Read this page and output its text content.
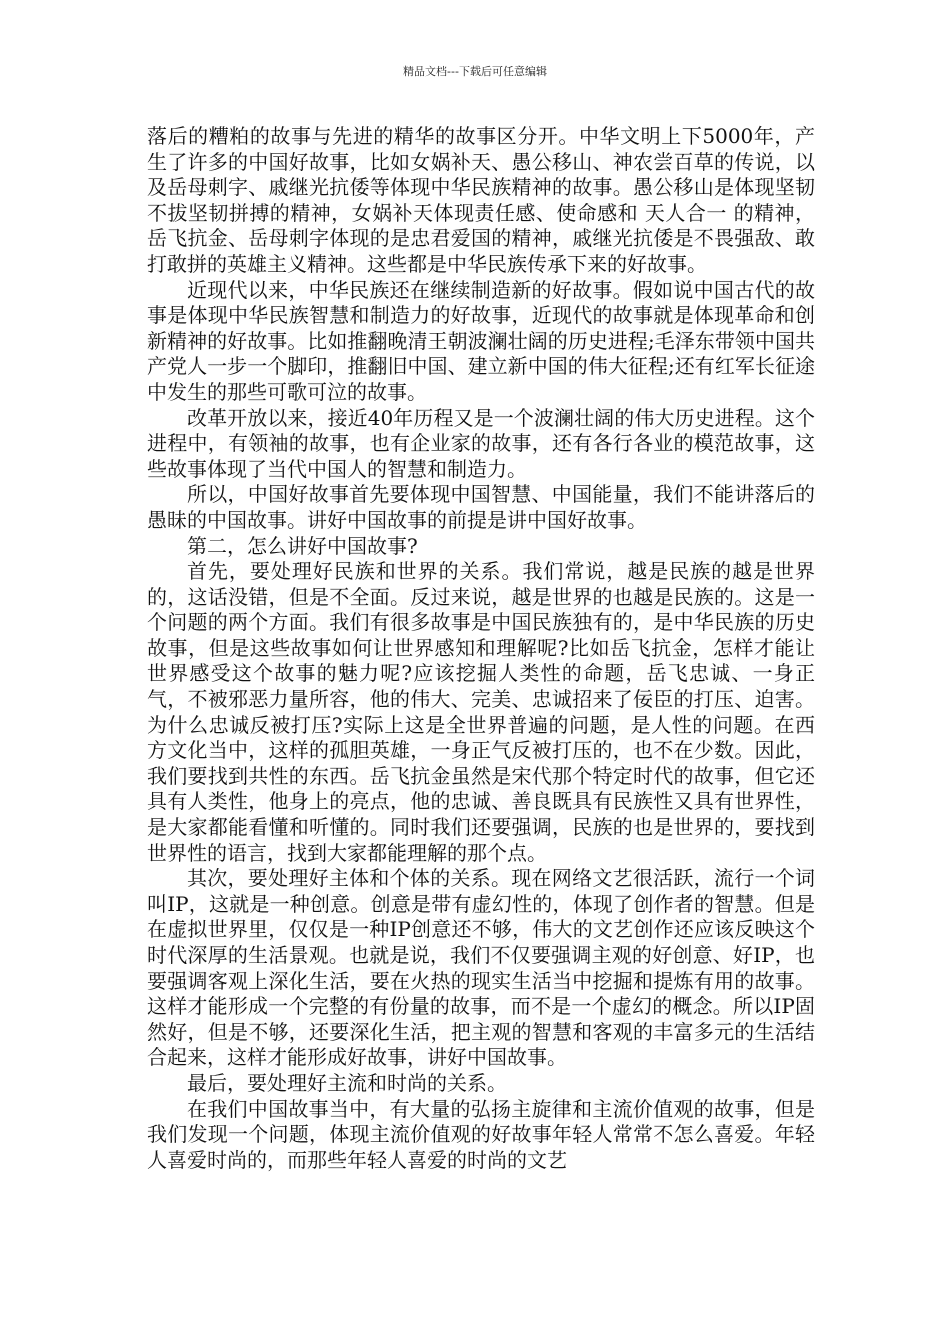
精品文档---下载后可任意编辑

落后的糟粕的故事与先进的精华的故事区分开。中华文明上下5000年，产生了许多的中国好故事，比如女娲补天、愚公移山、神农尝百草的传说，以及岳母刺字、戚继光抗倭等体现中华民族精神的故事。愚公移山是体现坚韧不拔坚韧拼搏的精神，女娲补天体现责任感、使命感和 天人合一 的精神，岳飞抗金、岳母刺字体现的是忠君爱国的精神，戚继光抗倭是不畏强敌、敢打敢拼的英雄主义精神。这些都是中华民族传承下来的好故事。

近现代以来，中华民族还在继续制造新的好故事。假如说中国古代的故事是体现中华民族智慧和制造力的好故事，近现代的故事就是体现革命和创新精神的好故事。比如推翻晚清王朝波澜壮阔的历史进程;毛泽东带领中国共产党人一步一个脚印，推翻旧中国、建立新中国的伟大征程;还有红军长征途中发生的那些可歌可泣的故事。

改革开放以来，接近40年历程又是一个波澜壮阔的伟大历史进程。这个进程中，有领袖的故事，也有企业家的故事，还有各行各业的模范故事，这些故事体现了当代中国人的智慧和制造力。

所以，中国好故事首先要体现中国智慧、中国能量，我们不能讲落后的愚昧的中国故事。讲好中国故事的前提是讲中国好故事。

第二，怎么讲好中国故事?

首先，要处理好民族和世界的关系。我们常说，越是民族的越是世界的，这话没错，但是不全面。反过来说，越是世界的也越是民族的。这是一个问题的两个方面。我们有很多故事是中国民族独有的，是中华民族的历史故事，但是这些故事如何让世界感知和理解呢?比如岳飞抗金，怎样才能让世界感受这个故事的魅力呢?应该挖掘人类性的命题，岳飞忠诚、一身正气，不被邪恶力量所容，他的伟大、完美、忠诚招来了佞臣的打压、迫害。为什么忠诚反被打压?实际上这是全世界普遍的问题，是人性的问题。在西方文化当中，这样的孤胆英雄，一身正气反被打压的，也不在少数。因此，我们要找到共性的东西。岳飞抗金虽然是宋代那个特定时代的故事，但它还具有人类性，他身上的亮点，他的忠诚、善良既具有民族性又具有世界性，是大家都能看懂和听懂的。同时我们还要强调，民族的也是世界的，要找到世界性的语言，找到大家都能理解的那个点。

其次，要处理好主体和个体的关系。现在网络文艺很活跃，流行一个词叫IP，这就是一种创意。创意是带有虚幻性的，体现了创作者的智慧。但是在虚拟世界里，仅仅是一种IP创意还不够，伟大的文艺创作还应该反映这个时代深厚的生活景观。也就是说，我们不仅要强调主观的好创意、好IP，也要强调客观上深化生活，要在火热的现实生活当中挖掘和提炼有用的故事。这样才能形成一个完整的有份量的故事，而不是一个虚幻的概念。所以IP固然好，但是不够，还要深化生活，把主观的智慧和客观的丰富多元的生活结合起来，这样才能形成好故事，讲好中国故事。

最后，要处理好主流和时尚的关系。

在我们中国故事当中，有大量的弘扬主旋律和主流价值观的故事，但是我们发现一个问题，体现主流价值观的好故事年轻人常常不怎么喜爱。年轻人喜爱时尚的，而那些年轻人喜爱的时尚的文艺
